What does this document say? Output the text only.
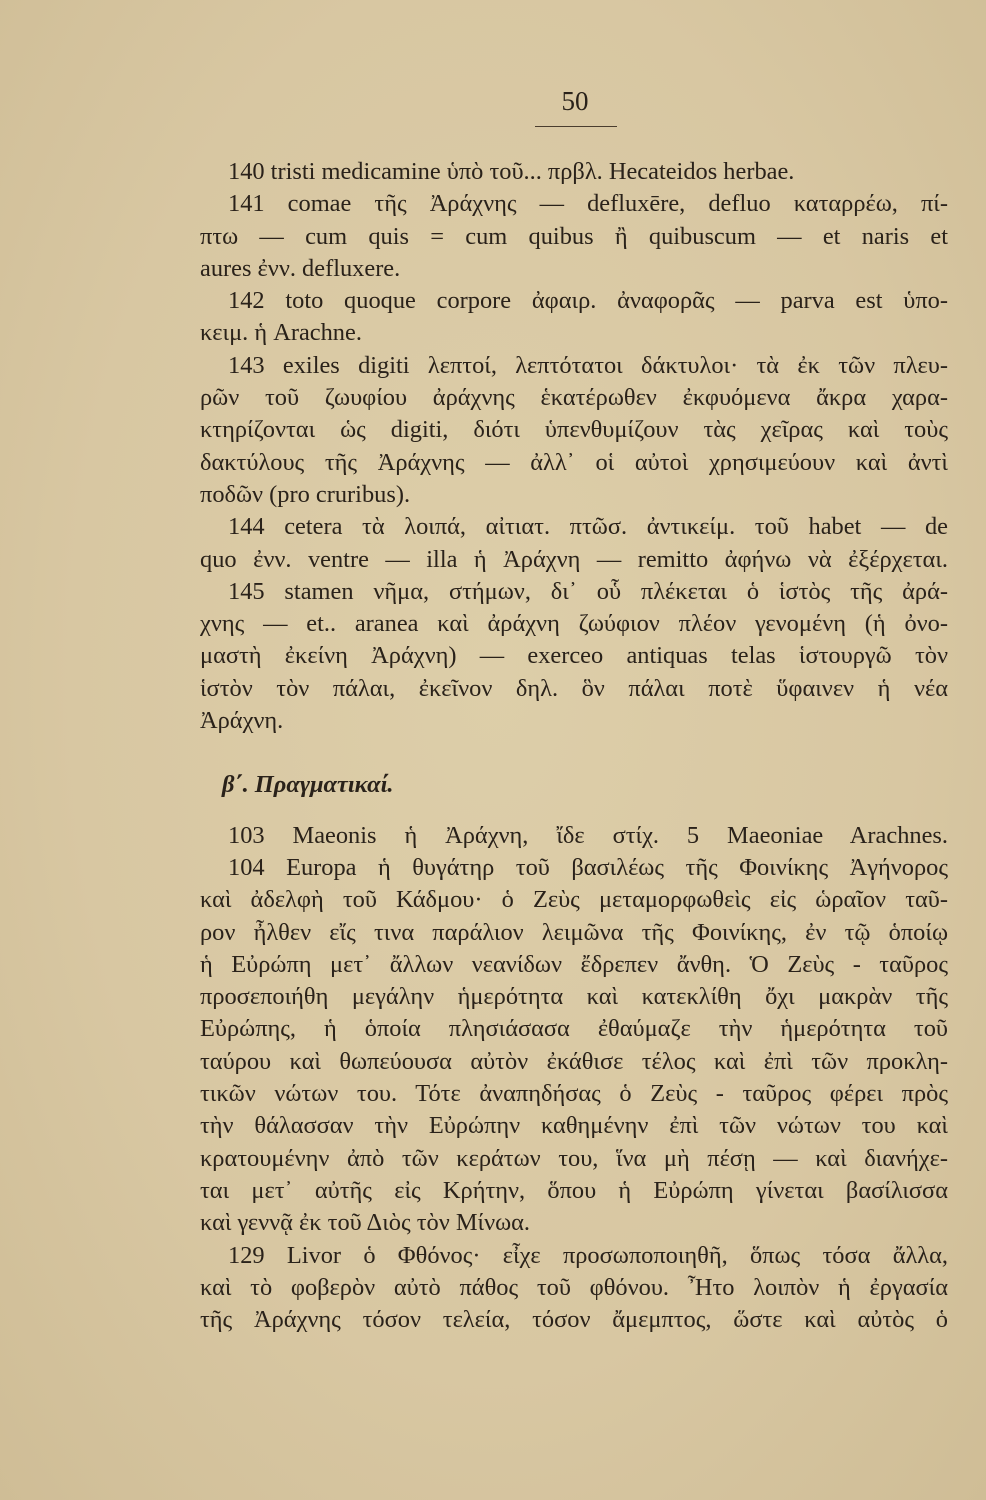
50
140 tristi medicamine ὑπὸ τοῦ... πρβλ. Hecateidos herbae.
141 comae τῆς Ἀράχνης — defluxēre, defluo καταρρέω, πί-
πτω — cum quis = cum quibus ἢ quibuscum — et naris et
aures ἐνν. defluxere.
142 toto quoque corpore ἀφαιρ. ἀναφορᾶς — parva est ὑπο-
κειμ. ἡ Arachne.
143 exiles digiti λεπτοί, λεπτότατοι δάκτυλοι· τὰ ἐκ τῶν πλευ-
ρῶν τοῦ ζωυφίου ἀράχνης ἑκατέρωθεν ἐκφυόμενα ἄκρα χαρα-
κτηρίζονται ὡς digiti, διότι ὑπενθυμίζουν τὰς χεῖρας καὶ τοὺς
δακτύλους τῆς Ἀράχνης — ἀλλ᾿ οἱ αὐτοὶ χρησιμεύουν καὶ ἀντὶ
ποδῶν (pro cruribus).
144 cetera τὰ λοιπά, αἰτιατ. πτῶσ. ἀντικείμ. τοῦ habet — de
quo ἐνν. ventre — illa ἡ Ἀράχνη — remitto ἀφήνω νὰ ἐξέρχεται.
145 stamen νῆμα, στήμων, δι᾿ οὗ πλέκεται ὁ ἱστὸς τῆς ἀρά-
χνης — et.. aranea καὶ ἀράχνη ζωύφιον πλέον γενομένη (ἡ ὀνο-
μαστὴ ἐκείνη Ἀράχνη) — exerceo antiquas telas ἱστουργῶ τὸν
ἱστὸν τὸν πάλαι, ἐκεῖνον δηλ. ὃν πάλαι ποτὲ ὕφαινεν ἡ νέα
Ἀράχνη.
β΄. Πραγματικαί.
103 Maeonis ἡ Ἀράχνη, ἴδε στίχ. 5 Maeoniae Arachnes.
104 Europa ἡ θυγάτηρ τοῦ βασιλέως τῆς Φοινίκης Ἀγήνορος
καὶ ἀδελφὴ τοῦ Κάδμου· ὁ Ζεὺς μεταμορφωθεὶς εἰς ὡραῖον ταῦ-
ρον ἦλθεν εἴς τινα παράλιον λειμῶνα τῆς Φοινίκης, ἐν τῷ ὁποίῳ
ἡ Εὐρώπη μετ᾿ ἄλλων νεανίδων ἔδρεπεν ἄνθη. Ὁ Ζεὺς - ταῦρος
προσεποιήθη μεγάλην ἡμερότητα καὶ κατεκλίθη ὄχι μακρὰν τῆς
Εὐρώπης, ἡ ὁποία πλησιάσασα ἐθαύμαζε τὴν ἡμερότητα τοῦ
ταύρου καὶ θωπεύουσα αὐτὸν ἐκάθισε τέλος καὶ ἐπὶ τῶν προκλη-
τικῶν νώτων του. Τότε ἀναπηδήσας ὁ Ζεὺς - ταῦρος φέρει πρὸς
τὴν θάλασσαν τὴν Εὐρώπην καθημένην ἐπὶ τῶν νώτων του καὶ
κρατουμένην ἀπὸ τῶν κεράτων του, ἵνα μὴ πέσῃ — καὶ διανήχε-
ται μετ᾿ αὐτῆς εἰς Κρήτην, ὅπου ἡ Εὐρώπη γίνεται βασίλισσα
καὶ γεννᾷ ἐκ τοῦ Διὸς τὸν Μίνωα.
129 Livor ὁ Φθόνος· εἶχε προσωποποιηθῆ, ὅπως τόσα ἄλλα,
καὶ τὸ φοβερὸν αὐτὸ πάθος τοῦ φθόνου. Ἦτο λοιπὸν ἡ ἐργασία
τῆς Ἀράχνης τόσον τελεία, τόσον ἄμεμπτος, ὥστε καὶ αὐτὸς ὁ
